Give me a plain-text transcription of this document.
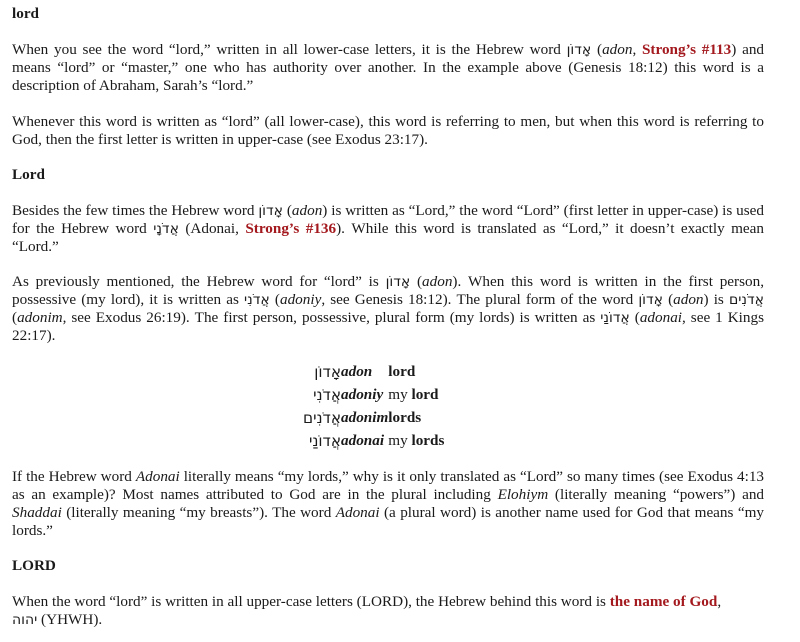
lord

When you see the word “lord,” written in all lower-case letters, it is the Hebrew word אָדוֹן (adon, Strong’s #113) and means “lord” or “master,” one who has authority over another. In the example above (Genesis 18:12) this word is a description of Abraham, Sarah’s “lord.”

Whenever this word is written as “lord” (all lower-case), this word is referring to men, but when this word is referring to God, then the first letter is written in upper-case (see Exodus 23:17).

Lord

Besides the few times the Hebrew word אָדוֹן (adon) is written as “Lord,” the word “Lord” (first letter in upper-case) is used for the Hebrew word אֲדֹנָי (Adonai, Strong’s #136). While this word is translated as “Lord,” it doesn’t exactly mean “Lord.”

As previously mentioned, the Hebrew word for “lord” is אָדוֹן (adon). When this word is written in the first person, possessive (my lord), it is written as אֲדֹנִי (adoniy, see Genesis 18:12). The plural form of the word אָדוֹן (adon) is אֲדֹנִים (adonim, see Exodus 26:19). The first person, possessive, plural form (my lords) is written as אֲדוֹנַי (adonai, see 1 Kings 22:17).

אָדוֹן	adon	lord
אֲדֹנִי	adoniy	my lord
אֲדֹנִים	adonim	lords
אֲדוֹנַי	adonai	my lords

If the Hebrew word Adonai literally means “my lords,” why is it only translated as “Lord” so many times (see Exodus 4:13 as an example)? Most names attributed to God are in the plural including Elohiym (literally meaning “powers”) and Shaddai (literally meaning “my breasts”). The word Adonai (a plural word) is another name used for God that means “my lords.”

LORD

When the word “lord” is written in all upper-case letters (LORD), the Hebrew behind this word is the name of God,
יהוה (YHWH).
